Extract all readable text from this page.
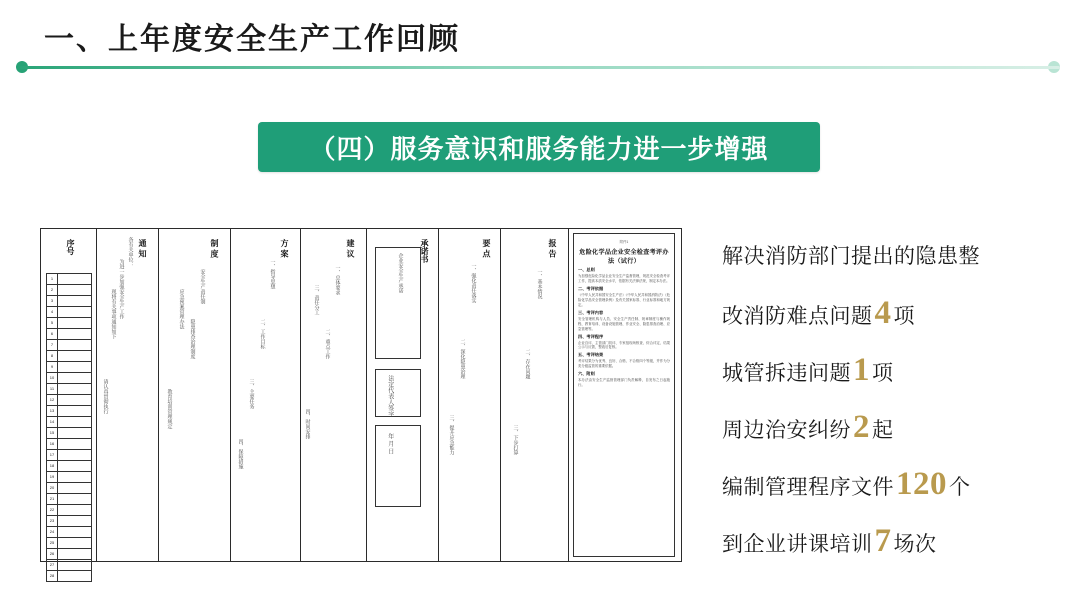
一、上年度安全生产工作回顾
（四）服务意识和服务能力进一步增强
序号
1
2
3
4
5
6
7
8
9
10
11
12
13
14
15
16
17
18
19
20
21
22
23
24
25
26
27
28
通 知
各有关单位：
为进一步加强安全生产工作
现将有关事项通知如下
请认真贯彻执行
制 度
安全生产责任制
隐患排查治理制度
应急预案管理办法
教育培训管理规定
方 案
一、指导思想
二、工作目标
三、主要任务
四、保障措施
建 议
一、总体要求
二、重点工作
三、责任分工
四、时间安排
承诺书
企业安全生产承诺
法定代表人签字
年 月 日
要 点
一、强化责任落实
二、深化隐患治理
三、提升应急能力
报 告
一、基本情况
二、存在问题
三、下步打算
附件1
危险化学品企业安全检查考评办法（试行）
一、总则
为加强危险化学品企业安全生产监督管理，规范安全检查考评工作，提高本质安全水平，依据有关法律法规，制定本办法。
二、考评依据
《中华人民共和国安全生产法》《中华人民共和国消防法》《危险化学品安全管理条例》及有关国家标准、行业标准和地方规定。
三、考评内容
安全管理机构与人员、安全生产责任制、规章制度与操作规程、教育培训、设备设施管理、作业安全、隐患排查治理、应急管理等。
四、考评程序
企业自评、主管部门初评、专家组现场核查、综合评定、结果公示与反馈，整改后复核。
五、考评结果
考评结果分为优秀、良好、合格、不合格四个等级，并作为分类分级监管的重要依据。
六、附则
本办法由安全生产监督管理部门负责解释，自发布之日起施行。
解决消防部门提出的隐患整
改消防难点问题 4 项
城管拆违问题 1 项
周边治安纠纷 2 起
编制管理程序文件 120 个
到企业讲课培训 7 场次
